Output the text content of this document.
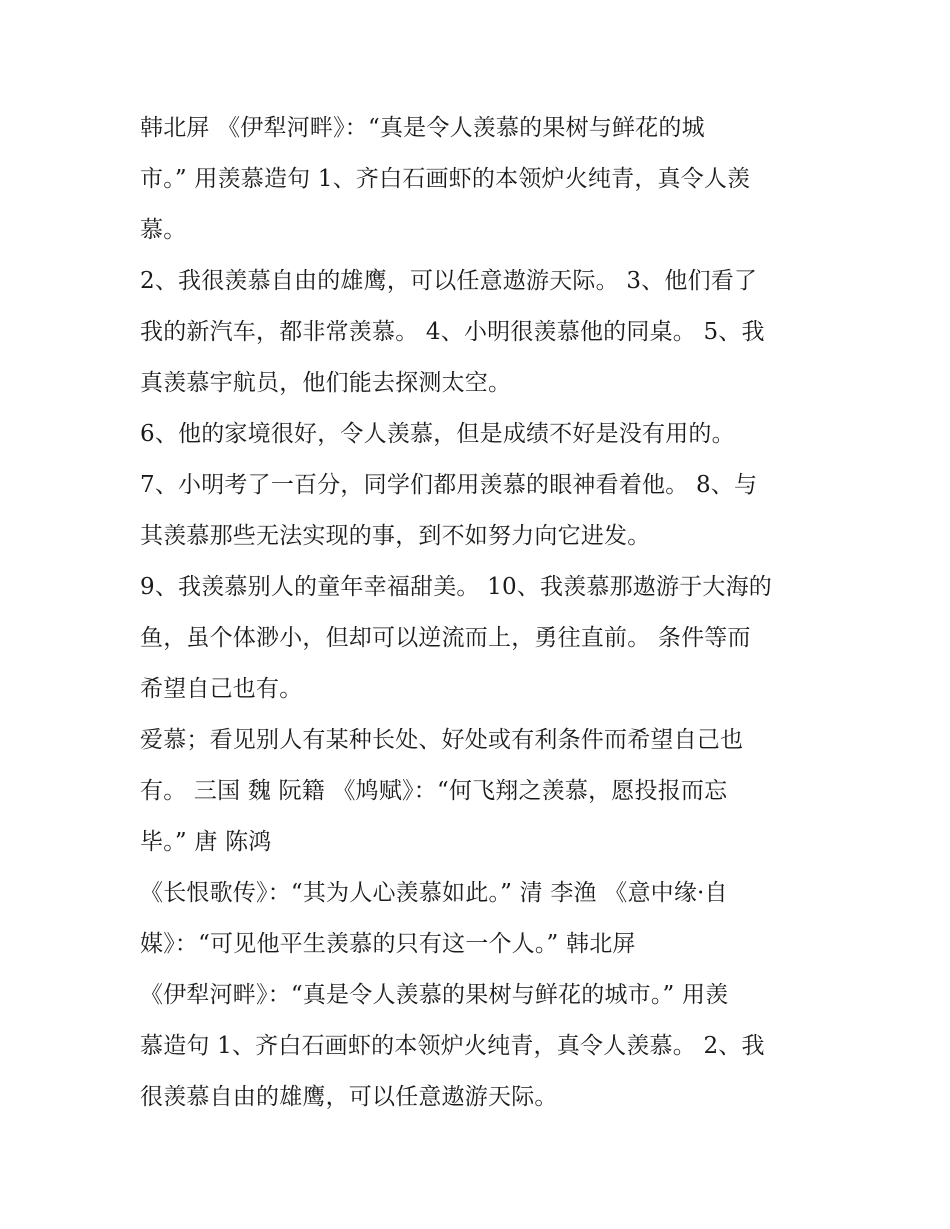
韩北屏 《伊犁河畔》：“真是令人羡慕的果树与鲜花的城
市。” 用羡慕造句 1、齐白石画虾的本领炉火纯青，真令人羡
慕。
2、我很羡慕自由的雄鹰，可以任意遨游天际。 3、他们看了
我的新汽车，都非常羡慕。 4、小明很羡慕他的同桌。 5、我
真羡慕宇航员，他们能去探测太空。
6、他的家境很好，令人羡慕，但是成绩不好是没有用的。
7、小明考了一百分，同学们都用羡慕的眼神看着他。 8、与
其羡慕那些无法实现的事，到不如努力向它进发。
9、我羡慕别人的童年幸福甜美。 10、我羡慕那遨游于大海的
鱼，虽个体渺小，但却可以逆流而上，勇往直前。 条件等而
希望自己也有。
爱慕；看见别人有某种长处、好处或有利条件而希望自己也
有。 三国 魏 阮籍 《鸠赋》：“何飞翔之羡慕，愿投报而忘
毕。” 唐 陈鸿
《长恨歌传》：“其为人心羡慕如此。” 清 李渔 《意中缘·自
媒》：“可见他平生羡慕的只有这一个人。” 韩北屏
《伊犁河畔》：“真是令人羡慕的果树与鲜花的城市。” 用羡
慕造句 1、齐白石画虾的本领炉火纯青，真令人羡慕。 2、我
很羡慕自由的雄鹰，可以任意遨游天际。
